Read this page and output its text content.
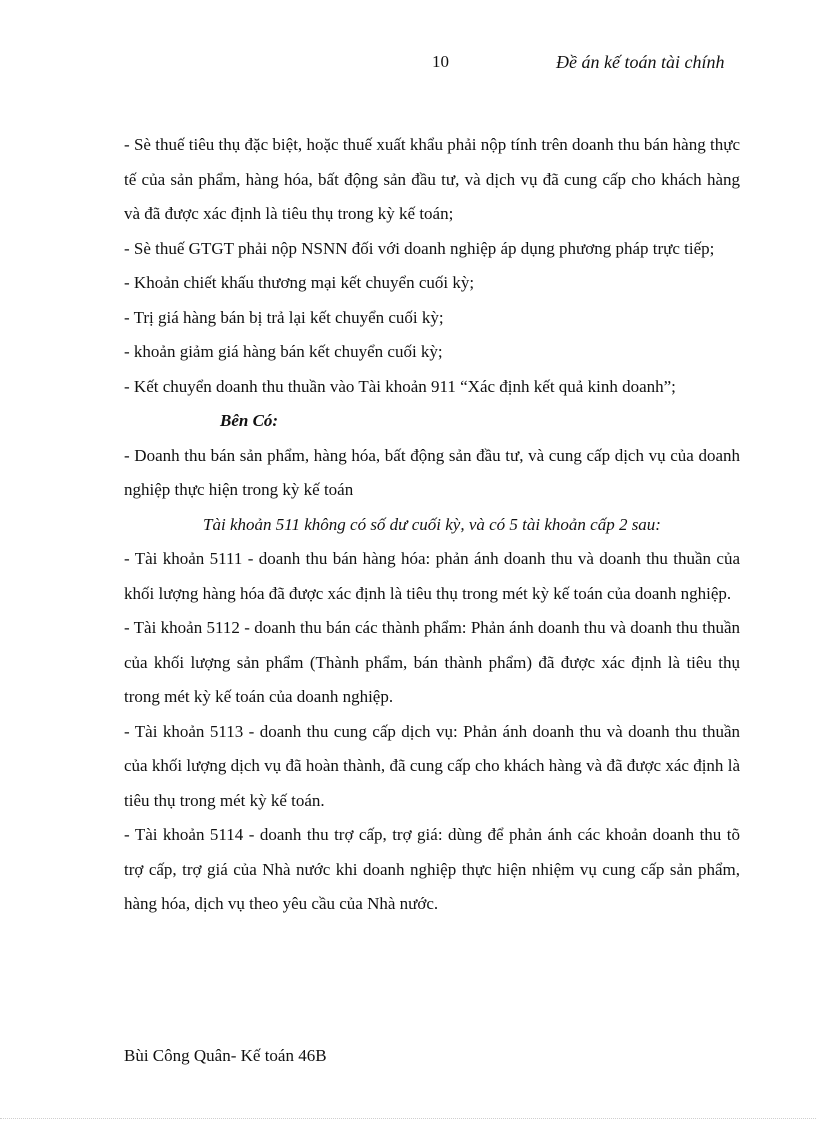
10	Đề án kế toán tài chính

- Sè thuế tiêu thụ đặc biệt, hoặc thuế xuất khẩu phải nộp tính trên doanh thu bán hàng thực tế của sản phẩm, hàng hóa, bất động sản đầu tư, và dịch vụ đã cung cấp cho khách hàng và đã được xác định là tiêu thụ trong kỳ kế toán;

- Sè thuế GTGT phải nộp NSNN đối với doanh nghiệp áp dụng phương pháp trực tiếp;

- Khoản chiết khấu thương mại kết chuyển cuối kỳ;

- Trị giá hàng bán bị trả lại kết chuyển cuối kỳ;

- khoản giảm giá hàng bán kết chuyển cuối kỳ;

- Kết chuyển doanh thu thuần vào Tài khoản 911 “Xác định kết quả kinh doanh”;

Bên Có:

- Doanh thu bán sản phẩm, hàng hóa, bất động sản đầu tư, và cung cấp dịch vụ của doanh nghiệp thực hiện trong kỳ kế toán

Tài khoản 511 không có số dư cuối kỳ, và có 5 tài khoản cấp 2 sau:

- Tài khoản 5111 - doanh thu bán hàng hóa: phản ánh doanh thu và doanh thu thuần của khối lượng hàng hóa đã được xác định là tiêu thụ trong mét kỳ kế toán của doanh nghiệp.

- Tài khoản 5112 - doanh thu bán các thành phẩm: Phản ánh doanh thu và doanh thu thuần của khối lượng sản phẩm (Thành phẩm, bán thành phẩm) đã được xác định là tiêu thụ trong mét kỳ kế toán của doanh nghiệp.

- Tài khoản 5113 - doanh thu cung cấp dịch vụ: Phản ánh doanh thu và doanh thu thuần của khối lượng dịch vụ đã hoàn thành, đã cung cấp cho khách hàng và đã được xác định là tiêu thụ trong mét kỳ kế toán.

- Tài khoản 5114 - doanh thu trợ cấp, trợ giá: dùng để phản ánh các khoản doanh thu tõ trợ cấp, trợ giá của Nhà nước khi doanh nghiệp thực hiện nhiệm vụ cung cấp sản phẩm, hàng hóa, dịch vụ theo yêu cầu của Nhà nước.

Bùi Công Quân- Kế toán 46B
